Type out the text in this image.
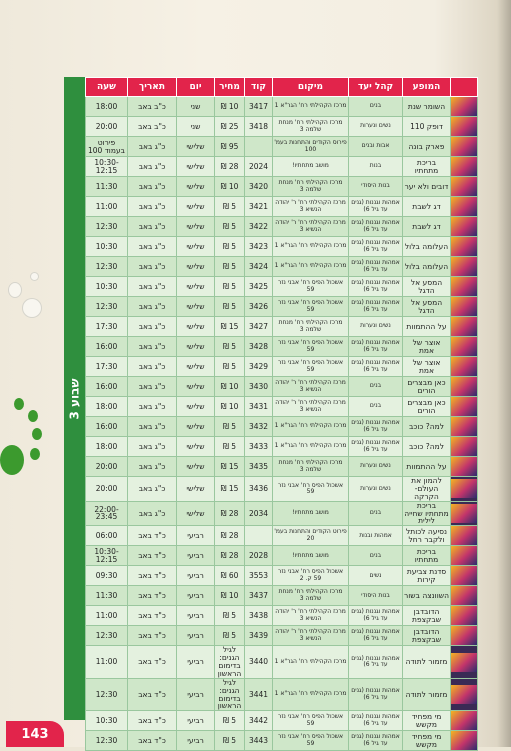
שבוע 3
	המופע	קהל יעד	מיקום	קוד	מחיר	יום	תאריך	שעה

	השומר שנת	בנים	מרכז הקהילתי רח' הגר"א 1	3417	10 ₪	שני	כ"ב באב	18:00

	דופק 110	נשים ונערות	מרכז הקהילתי רח' מנחת שלמה 3	3418	25 ₪	שני	כ"ב באב	20:00

	פארק בונה	אבות ובנים	פירוס הקודים והתחנות בעמ' 100		95 ₪	שלישי	כ"ג באב	פירוט בעמוד 100

	בריכת מתחתיו	בנות	מושב מתחתיו!	2024	28 ₪	שלישי	כ"ג באב	10:30-12:15

	דובים ולא יער	בנות היסודי	מרכז הקהילתי רח' מנחת שלמה 3	3420	10 ₪	שלישי	כ"ג באב	11:30

	דג לשבת	אמהות וגננות (גנים עד גיל 6)	מרכז הקהילתי רח' ר' יהודה הנשיא 3	3421	5 ₪	שלישי	כ"ג באב	11:00

	דג לשבת	אמהות וגננות (גנים עד גיל 6)	מרכז הקהילתי רח' ר' יהודה הנשיא 3	3422	5 ₪	שלישי	כ"ג באב	12:30

	העלומה בלול	אמהות וגננות (גנים עד גיל 6)	מרכז הקהילתי רח' הגר"א 1	3423	5 ₪	שלישי	כ"ג באב	10:30

	העלומה בלול	אמהות וגננות (גנים עד גיל 6)	מרכז הקהילתי רח' הגר"א 1	3424	5 ₪	שלישי	כ"ג באב	12:30

	המסע אל הדגל	אמהות וגננות (גנים עד גיל 6)	אשכול הפיס רח' אבני נזר 59	3425	5 ₪	שלישי	כ"ג באב	10:30

	המסע אל הדגל	אמהות וגננות (גנים עד גיל 6)	אשכול הפיס רח' אבני נזר 59	3426	5 ₪	שלישי	כ"ג באב	12:30

	על ההתמוות	נשים ונערות	מרכז הקהילתי רח' מנחת שלמה 3	3427	15 ₪	שלישי	כ"ג באב	17:30

	אוצר של אמת	אמהות וגננות (גנים עד גיל 6)	אשכול הפיס רח' אבני נזר 59	3428	5 ₪	שלישי	כ"ג באב	16:00

	אוצר של אמת	אמהות וגננות (גנים עד גיל 6)	אשכול הפיס רח' אבני נזר 59	3429	5 ₪	שלישי	כ"ג באב	17:30

	כאן מבצרים הורים	בנים	מרכז הקהילתי רח' ר' יהודה הנשיא 3	3430	10 ₪	שלישי	כ"ג באב	16:00

	כאן מבצרים הורים	בנים	מרכז הקהילתי רח' ר' יהודה הנשיא 3	3431	10 ₪	שלישי	כ"ג באב	18:00

	למה? כוכב	אמהות וגננות (גנים עד גיל 6)	מרכז הקהילתי רח' הגר"א 1	3432	5 ₪	שלישי	כ"ג באב	16:00

	למה? כוכב	אמהות וגננות (גנים עד גיל 6)	מרכז הקהילתי רח' הגר"א 1	3433	5 ₪	שלישי	כ"ג באב	18:00

	על ההתמוות	נשים ונערות	מרכז הקהילתי רח' מנחת שלמה 3	3435	15 ₪	שלישי	כ"ג באב	20:00

	להמון את העולם- הקרקה	נשים ונערות	אשכול הפיס רח' אבני נזר 59	3436	15 ₪	שלישי	כ"ג באב	20:00

	בריכת מתחתיו שחייה לילית	בנים	מושב מתחתיו!	2034	28 ₪	שלישי	כ"ג באב	22:00-23:45

	נסיעה לכותל ולקבר רחל	אמהות ובנות	פירוט הקודים והתחנות בעמ' 20		28 ₪	רביעי	כ"ד באב	06:00

	בריכת מתחתיו	בנים	מושב מתחתיו!	2028	28 ₪	רביעי	כ"ד באב	10:30-12:15

	סדנת צביעת קירות	נשים	אשכול הפיס רח' אבני נזר 59 ק. 2	3553	60 ₪	רביעי	כ"ד באב	09:30

	השוונצה בשור	בנות היסודי	מרכז הקהילתי רח' מנחת שלמה 3	3437	10 ₪	רביעי	כ"ד באב	11:30

	הדובדבן שבקצפת	אמהות וגננות (גנים עד גיל 6)	מרכז הקהילתי רח' ר' יהודה הנשיא 3	3438	5 ₪	רביעי	כ"ד באב	11:00

	הדובדבן שבקצפת	אמהות וגננות (גנים עד גיל 6)	מרכז הקהילתי רח' ר' יהודה הנשיא 3	3439	5 ₪	רביעי	כ"ד באב	12:30

	מזמור לתודה	אמהות וגננות (גנים עד גיל 6)	מרכז הקהילתי רח' הגר"א 1	3440	לגיל הגנים: בדימום הראשון	רביעי	כ"ד באב	11:00

	מזמור לתודה	אמהות וגננות (גנים עד גיל 6)	מרכז הקהילתי רח' הגר"א 1	3441	לגיל הגנים: בדימום הראשון	רביעי	כ"ד באב	12:30

	מי מפחיד מקשש	אמהות וגננות (גנים עד גיל 6)	אשכול הפיס רח' אבני נזר 59	3442	5 ₪	רביעי	כ"ד באב	10:30

	מי מפחיד מקשש	אמהות וגננות (גנים עד גיל 6)	אשכול הפיס רח' אבני נזר 59	3443	5 ₪	רביעי	כ"ד באב	12:30
143
